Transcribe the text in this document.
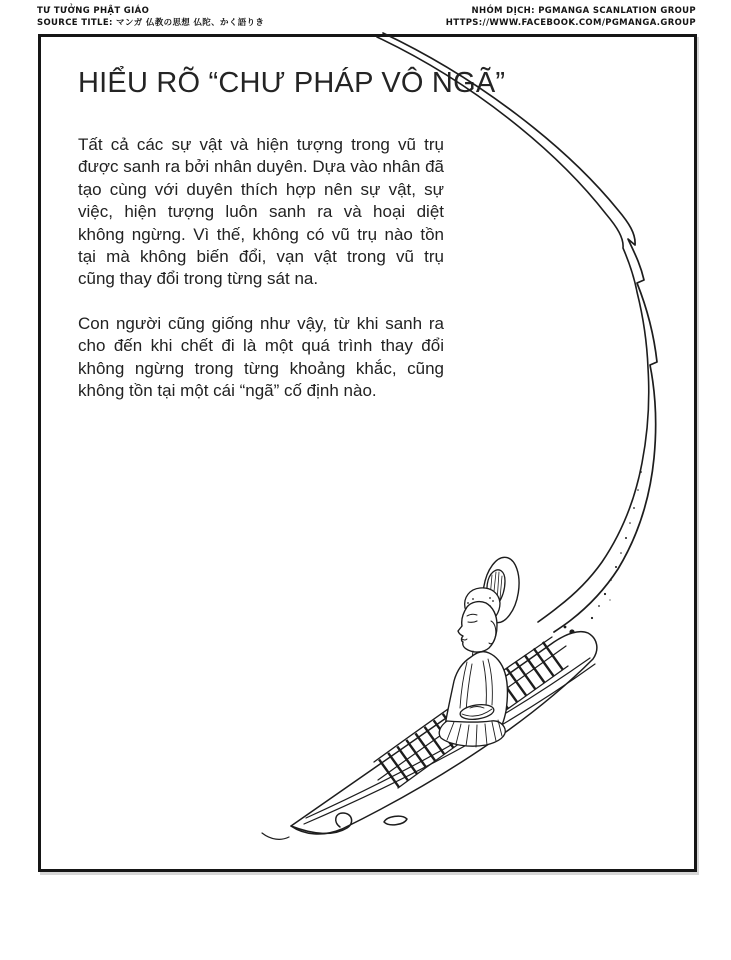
TƯ TƯỞNG PHẬT GIÁO
SOURCE TITLE: マンガ 仏教の思想 仏陀、かく語りき
NHÓM DỊCH: PGMANGA SCANLATION GROUP
HTTPS://WWW.FACEBOOK.COM/PGMANGA.GROUP
HIỂU RÕ “CHƯ PHÁP VÔ NGÃ”
Tất cả các sự vật và hiện tượng trong vũ trụ
được sanh ra bởi nhân duyên. Dựa vào nhân đã
tạo cùng với duyên thích hợp nên sự vật, sự
việc, hiện tượng luôn sanh ra và hoại diệt
không ngừng. Vì thế, không có vũ trụ nào tồn
tại mà không biến đổi, vạn vật trong vũ trụ
cũng thay đổi trong từng sát na.
Con người cũng giống như vậy, từ khi sanh ra
cho đến khi chết đi là một quá trình thay đổi
không ngừng trong từng khoảng khắc, cũng
không tồn tại một cái “ngã” cố định nào.
